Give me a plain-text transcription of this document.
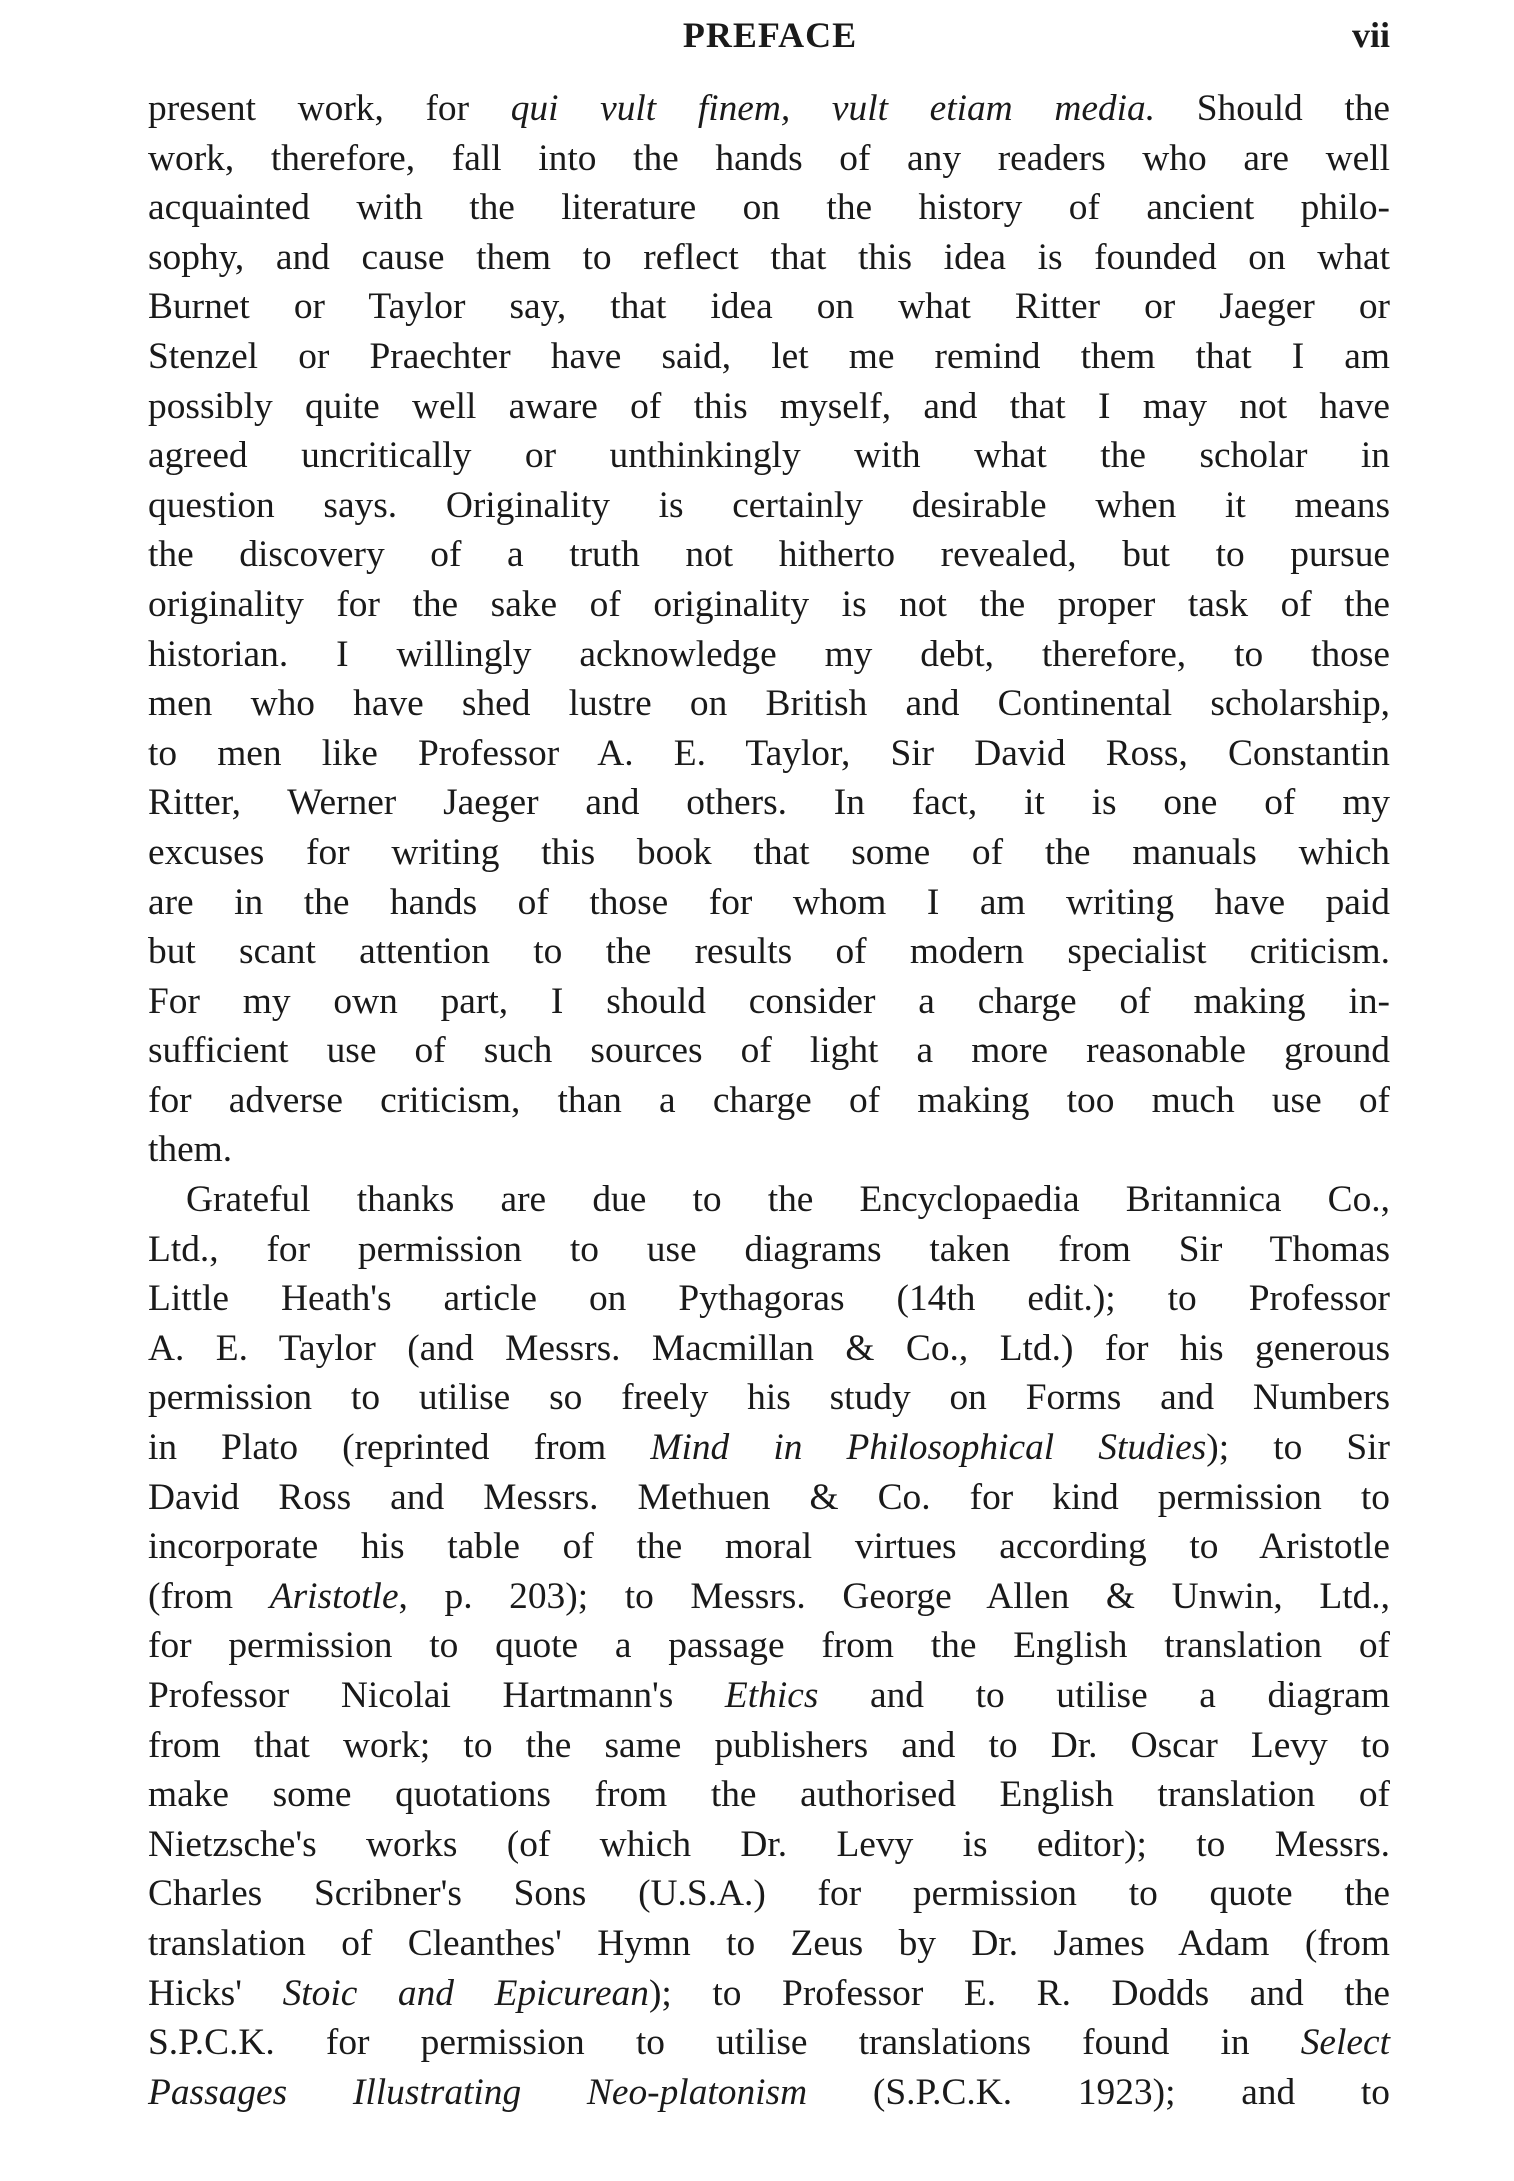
PREFACE	vii
present work, for qui vult finem, vult etiam media. Should the
work, therefore, fall into the hands of any readers who are well
acquainted with the literature on the history of ancient philo-
sophy, and cause them to reflect that this idea is founded on what
Burnet or Taylor say, that idea on what Ritter or Jaeger or
Stenzel or Praechter have said, let me remind them that I am
possibly quite well aware of this myself, and that I may not have
agreed uncritically or unthinkingly with what the scholar in
question says. Originality is certainly desirable when it means
the discovery of a truth not hitherto revealed, but to pursue
originality for the sake of originality is not the proper task of the
historian. I willingly acknowledge my debt, therefore, to those
men who have shed lustre on British and Continental scholarship,
to men like Professor A. E. Taylor, Sir David Ross, Constantin
Ritter, Werner Jaeger and others. In fact, it is one of my
excuses for writing this book that some of the manuals which
are in the hands of those for whom I am writing have paid
but scant attention to the results of modern specialist criticism.
For my own part, I should consider a charge of making in-
sufficient use of such sources of light a more reasonable ground
for adverse criticism, than a charge of making too much use of
them.
Grateful thanks are due to the Encyclopaedia Britannica Co.,
Ltd., for permission to use diagrams taken from Sir Thomas
Little Heath's article on Pythagoras (14th edit.); to Professor
A. E. Taylor (and Messrs. Macmillan & Co., Ltd.) for his generous
permission to utilise so freely his study on Forms and Numbers
in Plato (reprinted from Mind in Philosophical Studies); to Sir
David Ross and Messrs. Methuen & Co. for kind permission to
incorporate his table of the moral virtues according to Aristotle
(from Aristotle, p. 203); to Messrs. George Allen & Unwin, Ltd.,
for permission to quote a passage from the English translation of
Professor Nicolai Hartmann's Ethics and to utilise a diagram
from that work; to the same publishers and to Dr. Oscar Levy to
make some quotations from the authorised English translation of
Nietzsche's works (of which Dr. Levy is editor); to Messrs.
Charles Scribner's Sons (U.S.A.) for permission to quote the
translation of Cleanthes' Hymn to Zeus by Dr. James Adam (from
Hicks' Stoic and Epicurean); to Professor E. R. Dodds and the
S.P.C.K. for permission to utilise translations found in Select
Passages Illustrating Neo-platonism (S.P.C.K. 1923); and to
